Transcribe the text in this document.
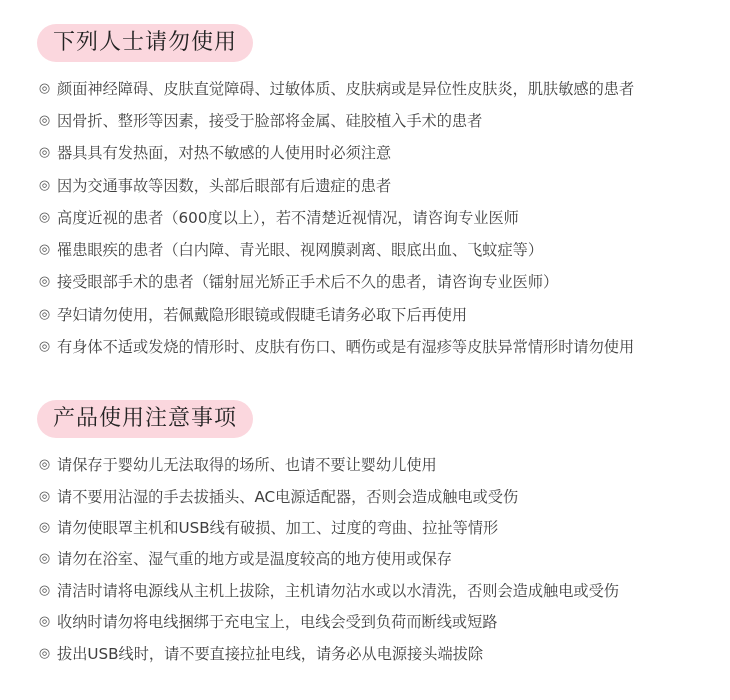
下列人士请勿使用
◎ 颜面神经障碍、皮肤直觉障碍、过敏体质、皮肤病或是异位性皮肤炎，肌肤敏感的患者
◎ 因骨折、整形等因素，接受于脸部将金属、硅胶植入手术的患者
◎ 器具具有发热面，对热不敏感的人使用时必须注意
◎ 因为交通事故等因数，头部后眼部有后遗症的患者
◎ 高度近视的患者（600度以上），若不清楚近视情况，请咨询专业医师
◎ 罹患眼疾的患者（白内障、青光眼、视网膜剥离、眼底出血、飞蚊症等）
◎ 接受眼部手术的患者（镭射屈光矫正手术后不久的患者，请咨询专业医师）
◎ 孕妇请勿使用，若佩戴隐形眼镜或假睫毛请务必取下后再使用
◎ 有身体不适或发烧的情形时、皮肤有伤口、晒伤或是有湿疹等皮肤异常情形时请勿使用
产品使用注意事项
◎ 请保存于婴幼儿无法取得的场所、也请不要让婴幼儿使用
◎ 请不要用沾湿的手去拔插头、AC电源适配器，否则会造成触电或受伤
◎ 请勿使眼罩主机和USB线有破损、加工、过度的弯曲、拉扯等情形
◎ 请勿在浴室、湿气重的地方或是温度较高的地方使用或保存
◎ 清洁时请将电源线从主机上拔除，主机请勿沾水或以水清洗，否则会造成触电或受伤
◎ 收纳时请勿将电线捆绑于充电宝上，电线会受到负荷而断线或短路
◎ 拔出USB线时，请不要直接拉扯电线，请务必从电源接头端拔除
